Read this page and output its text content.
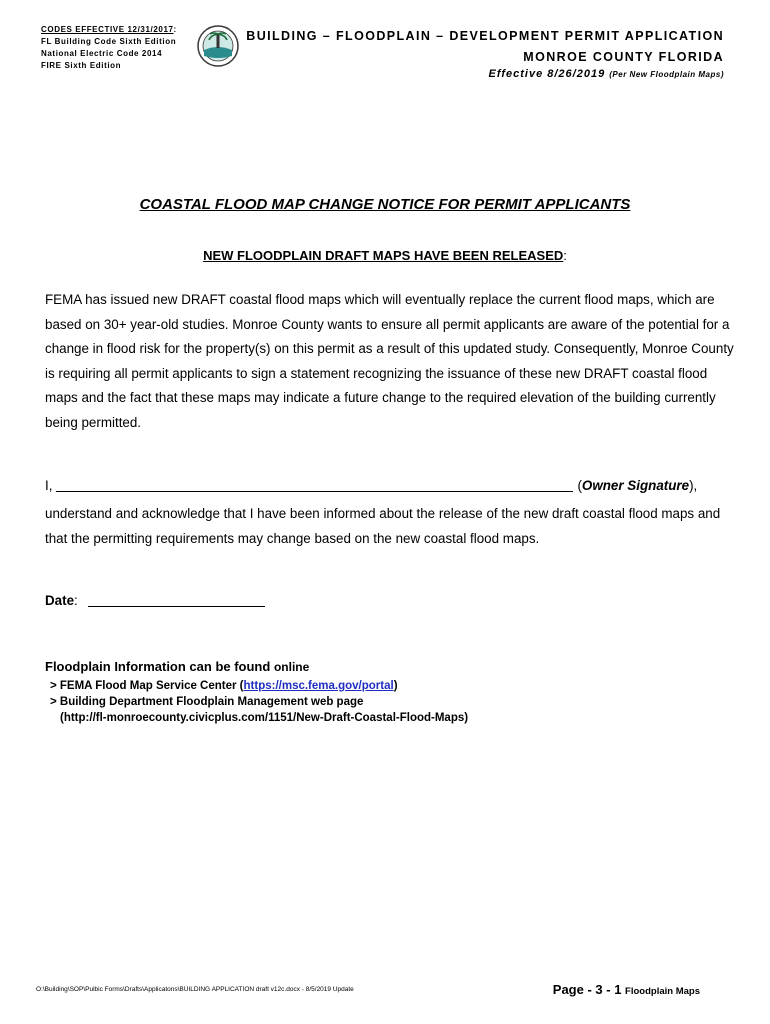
CODES EFFECTIVE 12/31/2017:
FL Building Code Sixth Edition
National Electric Code 2014
FIRE Sixth Edition
BUILDING – FLOODPLAIN – DEVELOPMENT PERMIT APPLICATION
MONROE COUNTY FLORIDA
Effective 8/26/2019 (Per New Floodplain Maps)
COASTAL FLOOD MAP CHANGE NOTICE FOR PERMIT APPLICANTS
NEW FLOODPLAIN DRAFT MAPS HAVE BEEN RELEASED:
FEMA has issued new DRAFT coastal flood maps which will eventually replace the current flood maps, which are based on 30+ year-old studies. Monroe County wants to ensure all permit applicants are aware of the potential for a change in flood risk for the property(s) on this permit as a result of this updated study. Consequently, Monroe County is requiring all permit applicants to sign a statement recognizing the issuance of these new DRAFT coastal flood maps and the fact that these maps may indicate a future change to the required elevation of the building currently being permitted.
I,	(Owner Signature),
understand and acknowledge that I have been informed about the release of the new draft coastal flood maps and that the permitting requirements may change based on the new coastal flood maps.
Date:
Floodplain Information can be found online
> FEMA Flood Map Service Center (https://msc.fema.gov/portal)
> Building Department Floodplain Management web page
(http://fl-monroecounty.civicplus.com/1151/New-Draft-Coastal-Flood-Maps)
O:\Building\SOP\Pulbic Forms\Drafts\Applicatons\BUILDING APPLICATION draft v12c.docx - 8/5/2019 Update	Page - 3 - 1 Floodplain Maps
